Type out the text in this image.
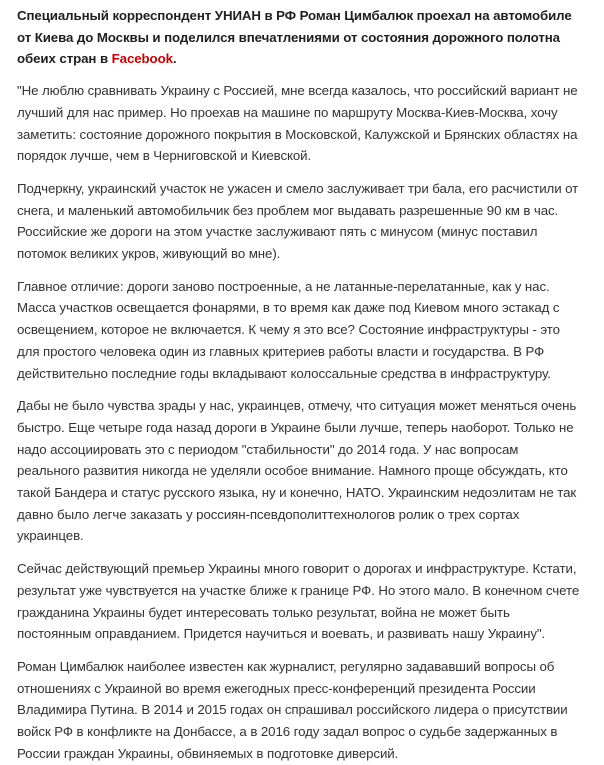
Специальный корреспондент УНИАН в РФ Роман Цимбалюк проехал на автомобиле от Киева до Москвы и поделился впечатлениями от состояния дорожного полотна обеих стран в Facebook.

"Не люблю сравнивать Украину с Россией, мне всегда казалось, что российский вариант не лучший для нас пример. Но проехав на машине по маршруту Москва-Киев-Москва, хочу заметить: состояние дорожного покрытия в Московской, Калужской и Брянских областях на порядок лучше, чем в Черниговской и Киевской.

Подчеркну, украинский участок не ужасен и смело заслуживает три бала, его расчистили от снега, и маленький автомобильчик без проблем мог выдавать разрешенные 90 км в час. Российские же дороги на этом участке заслуживают пять с минусом (минус поставил потомок великих укров, живующий во мне).

Главное отличие: дороги заново построенные, а не латанные-перелатанные, как у нас. Масса участков освещается фонарями, в то время как даже под Киевом много эстакад с освещением, которое не включается. К чему я это все? Состояние инфраструктуры - это для простого человека один из главных критериев работы власти и государства. В РФ действительно последние годы вкладывают колоссальные средства в инфраструктуру.

Дабы не было чувства зрады у нас, украинцев, отмечу, что ситуация может меняться очень быстро. Еще четыре года назад дороги в Украине были лучше, теперь наоборот. Только не надо ассоциировать это с периодом "стабильности" до 2014 года. У нас вопросам реального развития никогда не уделяли особое внимание. Намного проще обсуждать, кто такой Бандера и статус русского языка, ну и конечно, НАТО. Украинским недоэлитам не так давно было легче заказать у россиян-псевдополиттехнологов ролик о трех сортах украинцев.

Сейчас действующий премьер Украины много говорит о дорогах и инфраструктуре. Кстати, результат уже чувствуется на участке ближе к границе РФ. Но этого мало. В конечном счете гражданина Украины будет интересовать только результат, война не может быть постоянным оправданием. Придется научиться и воевать, и развивать нашу Украину".

Роман Цимбалюк наиболее известен как журналист, регулярно задававший вопросы об отношениях с Украиной во время ежегодных пресс-конференций президента России Владимира Путина. В 2014 и 2015 годах он спрашивал российского лидера о присутствии войск РФ в конфликте на Донбассе, а в 2016 году задал вопрос о судьбе задержанных в России граждан Украины, обвиняемых в подготовке диверсий.
